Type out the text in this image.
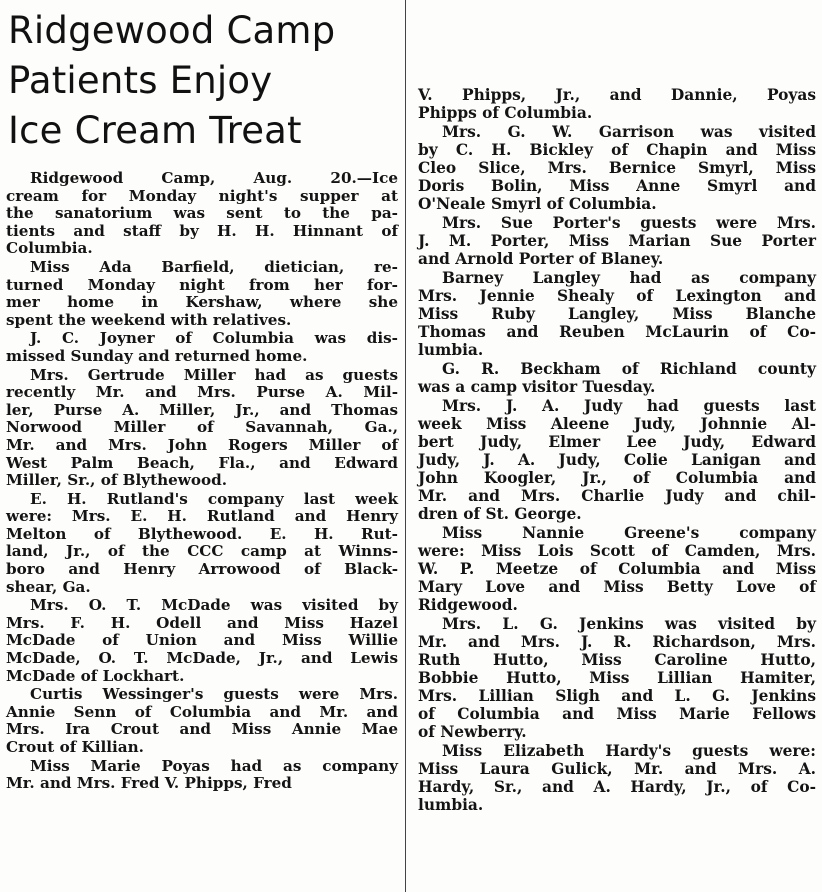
Ridgewood Camp
Patients Enjoy
Ice Cream Treat
Ridgewood Camp, Aug. 20.—Ice
cream for Monday night's supper at
the sanatorium was sent to the pa-
tients and staff by H. H. Hinnant of
Columbia.
Miss Ada Barfield, dietician, re-
turned Monday night from her for-
mer home in Kershaw, where she
spent the weekend with relatives.
J. C. Joyner of Columbia was dis-
missed Sunday and returned home.
Mrs. Gertrude Miller had as guests
recently Mr. and Mrs. Purse A. Mil-
ler, Purse A. Miller, Jr., and Thomas
Norwood Miller of Savannah, Ga.,
Mr. and Mrs. John Rogers Miller of
West Palm Beach, Fla., and Edward
Miller, Sr., of Blythewood.
E. H. Rutland's company last week
were: Mrs. E. H. Rutland and Henry
Melton of Blythewood. E. H. Rut-
land, Jr., of the CCC camp at Winns-
boro and Henry Arrowood of Black-
shear, Ga.
Mrs. O. T. McDade was visited by
Mrs. F. H. Odell and Miss Hazel
McDade of Union and Miss Willie
McDade, O. T. McDade, Jr., and Lewis
McDade of Lockhart.
Curtis Wessinger's guests were Mrs.
Annie Senn of Columbia and Mr. and
Mrs. Ira Crout and Miss Annie Mae
Crout of Killian.
Miss Marie Poyas had as company
Mr. and Mrs. Fred V. Phipps, Fred
V. Phipps, Jr., and Dannie, Poyas
Phipps of Columbia.
Mrs. G. W. Garrison was visited
by C. H. Bickley of Chapin and Miss
Cleo Slice, Mrs. Bernice Smyrl, Miss
Doris Bolin, Miss Anne Smyrl and
O'Neale Smyrl of Columbia.
Mrs. Sue Porter's guests were Mrs.
J. M. Porter, Miss Marian Sue Porter
and Arnold Porter of Blaney.
Barney Langley had as company
Mrs. Jennie Shealy of Lexington and
Miss Ruby Langley, Miss Blanche
Thomas and Reuben McLaurin of Co-
lumbia.
G. R. Beckham of Richland county
was a camp visitor Tuesday.
Mrs. J. A. Judy had guests last
week Miss Aleene Judy, Johnnie Al-
bert Judy, Elmer Lee Judy, Edward
Judy, J. A. Judy, Colie Lanigan and
John Koogler, Jr., of Columbia and
Mr. and Mrs. Charlie Judy and chil-
dren of St. George.
Miss Nannie Greene's company
were: Miss Lois Scott of Camden, Mrs.
W. P. Meetze of Columbia and Miss
Mary Love and Miss Betty Love of
Ridgewood.
Mrs. L. G. Jenkins was visited by
Mr. and Mrs. J. R. Richardson, Mrs.
Ruth Hutto, Miss Caroline Hutto,
Bobbie Hutto, Miss Lillian Hamiter,
Mrs. Lillian Sligh and L. G. Jenkins
of Columbia and Miss Marie Fellows
of Newberry.
Miss Elizabeth Hardy's guests were:
Miss Laura Gulick, Mr. and Mrs. A.
Hardy, Sr., and A. Hardy, Jr., of Co-
lumbia.
